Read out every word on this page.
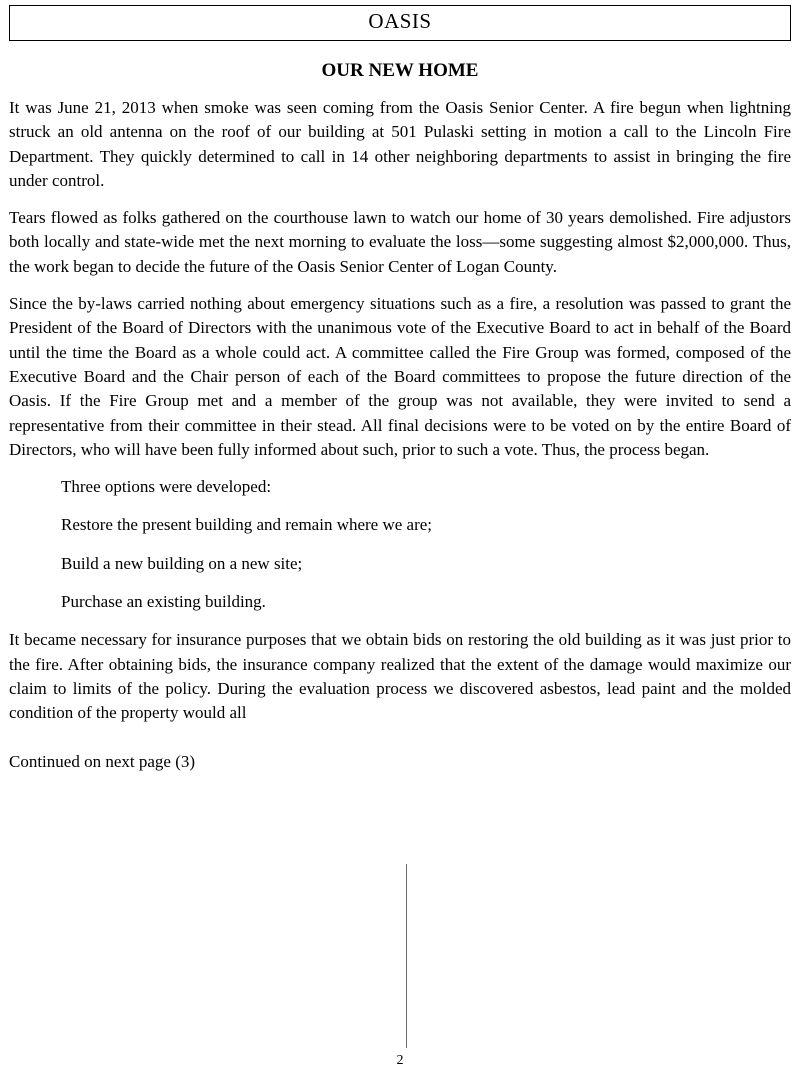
OASIS
OUR NEW HOME

It was June 21, 2013 when smoke was seen coming from the Oasis Senior Center. A fire begun when lightning struck an old antenna on the roof of our building at 501 Pulaski setting in motion a call to the Lincoln Fire Department. They quickly determined to call in 14 other neighboring departments to assist in bringing the fire under control.

Tears flowed as folks gathered on the courthouse lawn to watch our home of 30 years demolished. Fire adjustors both locally and state-wide met the next morning to evaluate the loss—some suggesting almost $2,000,000. Thus, the work began to decide the future of the Oasis Senior Center of Logan County.

Since the by-laws carried nothing about emergency situations such as a fire, a resolution was passed to grant the President of the Board of Directors with the unanimous vote of the Executive Board to act in behalf of the Board until the time the Board as a whole could act. A committee called the Fire Group was formed, composed of the Executive Board and the Chair person of each of the Board committees to propose the future direction of the Oasis. If the Fire Group met and a member of the group was not available, they were invited to send a representative from their committee in their stead. All final decisions were to be voted on by the entire Board of Directors, who will have been fully informed about such, prior to such a vote. Thus, the process began.

Three options were developed:
Restore the present building and remain where we are;
Build a new building on a new site;
Purchase an existing building.

It became necessary for insurance purposes that we obtain bids on restoring the old building as it was just prior to the fire. After obtaining bids, the insurance company realized that the extent of the damage would maximize our claim to limits of the policy. During the evaluation process we discovered asbestos, lead paint and the molded condition of the property would all

Continued on next page (3)
2
